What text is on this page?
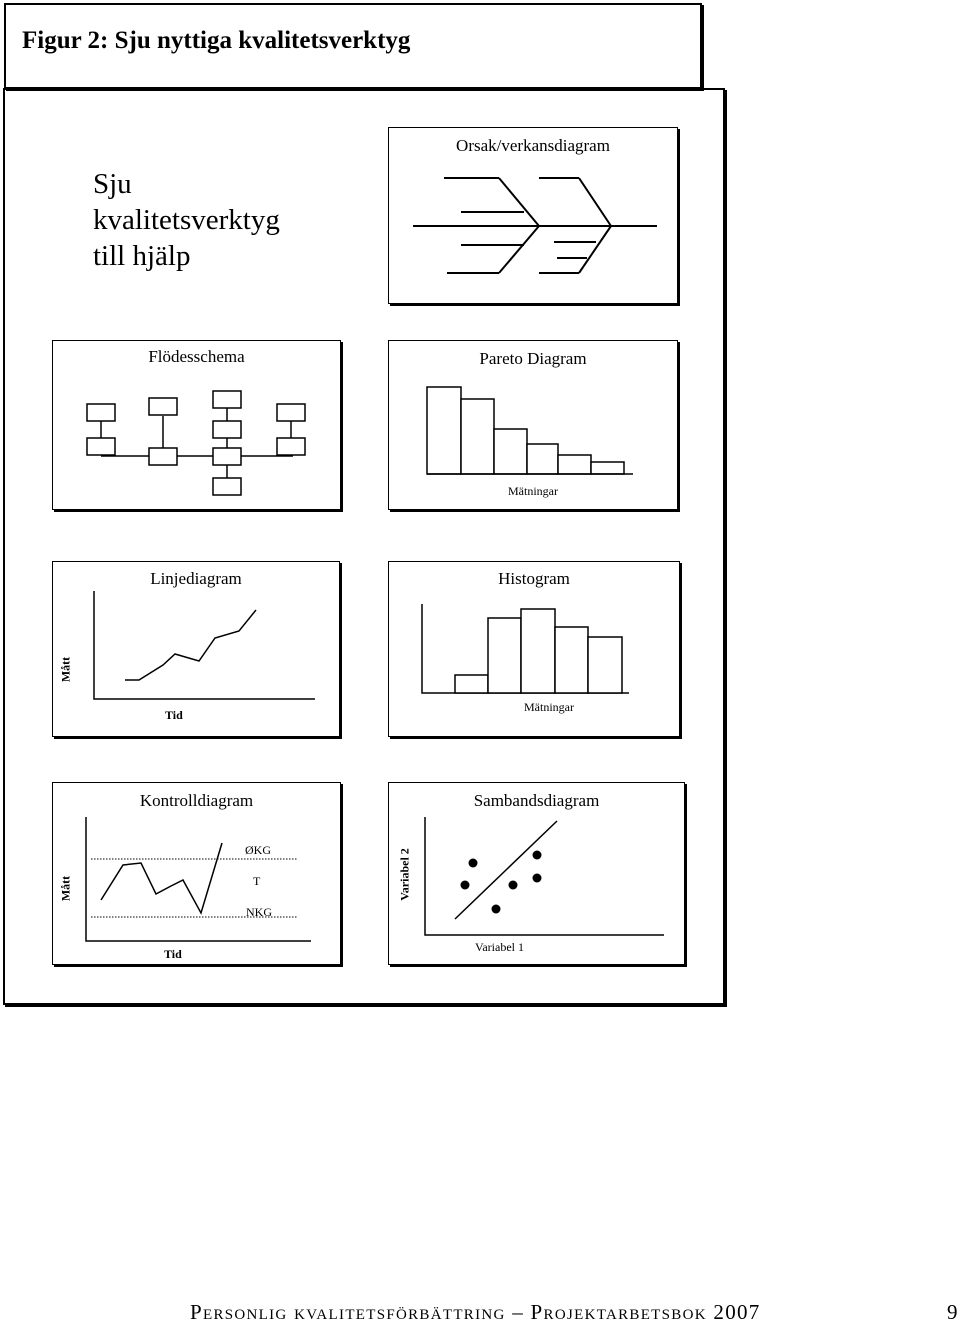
Figur 2: Sju nyttiga kvalitetsverktyg
Sju
kvalitetsverktyg
till hjälp
Orsak/verkansdiagram
Flödesschema	Pareto Diagram
Mätningar
Linjediagram
Mått
Tid
Histogram
Mätningar
Kontrolldiagram
ØKG
T
NKG
Mått
Tid
Sambandsdiagram
Variabel 2
Variabel 1
Personlig kvalitetsförbättring – Projektarbetsbok 2007	9
